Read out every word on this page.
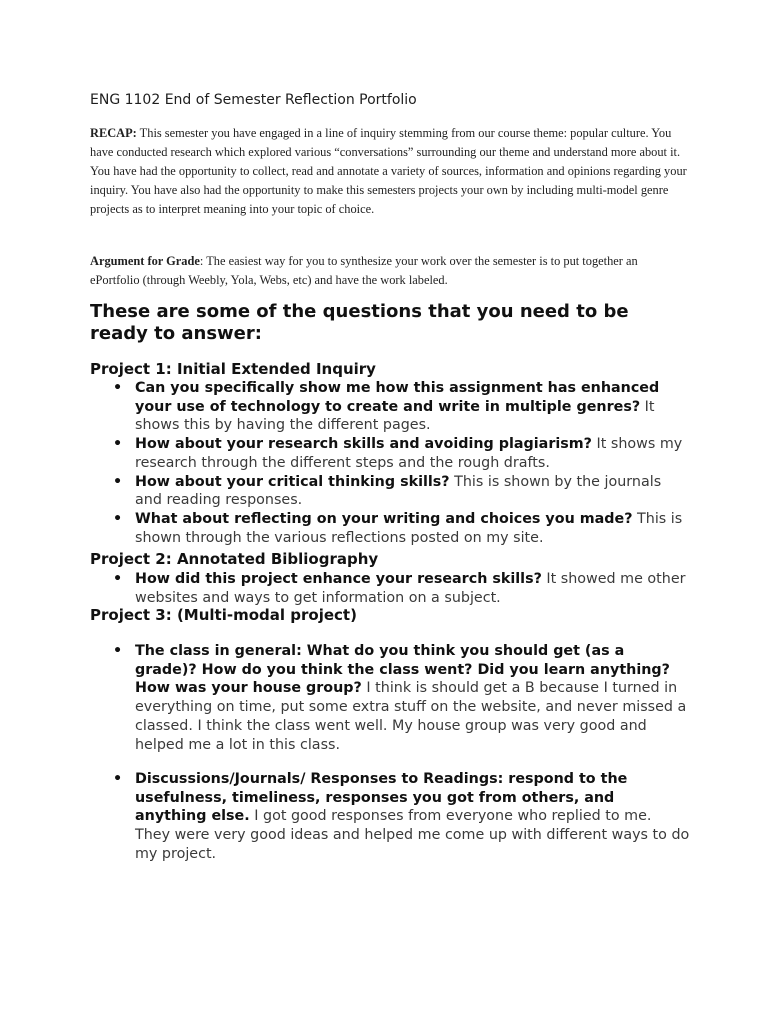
ENG 1102 End of Semester Reflection Portfolio

RECAP: This semester you have engaged in a line of inquiry stemming from our course theme: popular culture. You have conducted research which explored various “conversations” surrounding our theme and understand more about it. You have had the opportunity to collect, read and annotate a variety of sources, information and opinions regarding your inquiry. You have also had the opportunity to make this semesters projects your own by including multi-model genre projects as to interpret meaning into your topic of choice.

Argument for Grade: The easiest way for you to synthesize your work over the semester is to put together an ePortfolio (through Weebly, Yola, Webs, etc) and have the work labeled.

These are some of the questions that you need to be ready to answer:
Project 1: Initial Extended Inquiry
• Can you specifically show me how this assignment has enhanced your use of technology to create and write in multiple genres? It shows this by having the different pages.
• How about your research skills and avoiding plagiarism? It shows my research through the different steps and the rough drafts.
• How about your critical thinking skills? This is shown by the journals and reading responses.
• What about reflecting on your writing and choices you made? This is shown through the various reflections posted on my site.
Project 2: Annotated Bibliography
• How did this project enhance your research skills? It showed me other websites and ways to get information on a subject.
Project 3: (Multi-modal project)
• The class in general: What do you think you should get (as a grade)? How do you think the class went? Did you learn anything? How was your house group? I think is should get a B because I turned in everything on time, put some extra stuff on the website, and never missed a classed. I think the class went well. My house group was very good and helped me a lot in this class.
• Discussions/Journals/ Responses to Readings: respond to the usefulness, timeliness, responses you got from others, and anything else. I got good responses from everyone who replied to me. They were very good ideas and helped me come up with different ways to do my project.
